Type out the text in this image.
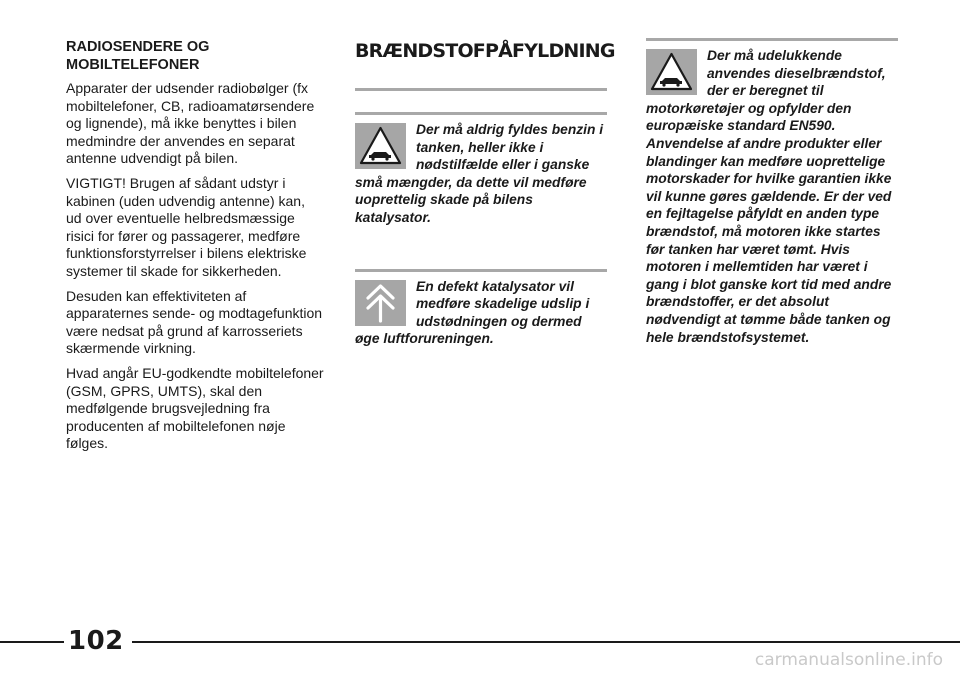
RADIOSENDERE OG
MOBILTELEFONER

Apparater der udsender radiobølger (fx mobiltelefoner, CB, radioamatørsendere og lignende), må ikke benyttes i bilen medmindre der anvendes en separat antenne udvendigt på bilen.

VIGTIGT! Brugen af sådant udstyr i kabinen (uden udvendig antenne) kan, ud over eventuelle helbredsmæssige risici for fører og passagerer, medføre funktionsforstyrrelser i bilens elektriske systemer til skade for sikkerheden.

Desuden kan effektiviteten af apparaternes sende- og modtagefunktion være nedsat på grund af karrosseriets skærmende virkning.

Hvad angår EU-godkendte mobiltelefoner (GSM, GPRS, UMTS), skal den medfølgende brugsvejledning fra producenten af mobiltelefonen nøje følges.

BRÆNDSTOFPÅFYLDNING

Der må aldrig fyldes benzin i tanken, heller ikke i nødstilfælde eller i ganske små mængder, da dette vil medføre uoprettelig skade på bilens katalysator.

En defekt katalysator vil medføre skadelige udslip i udstødningen og dermed øge luftforureningen.

Der må udelukkende anvendes dieselbrændstof, der er beregnet til motorkøretøjer og opfylder den europæiske standard EN590. Anvendelse af andre produkter eller blandinger kan medføre uoprettelige motorskader for hvilke garantien ikke vil kunne gøres gældende. Er der ved en fejltagelse påfyldt en anden type brændstof, må motoren ikke startes før tanken har været tømt. Hvis motoren i mellemtiden har været i gang i blot ganske kort tid med andre brændstoffer, er det absolut nødvendigt at tømme både tanken og hele brændstofsystemet.

102
carmanualsonline.info
